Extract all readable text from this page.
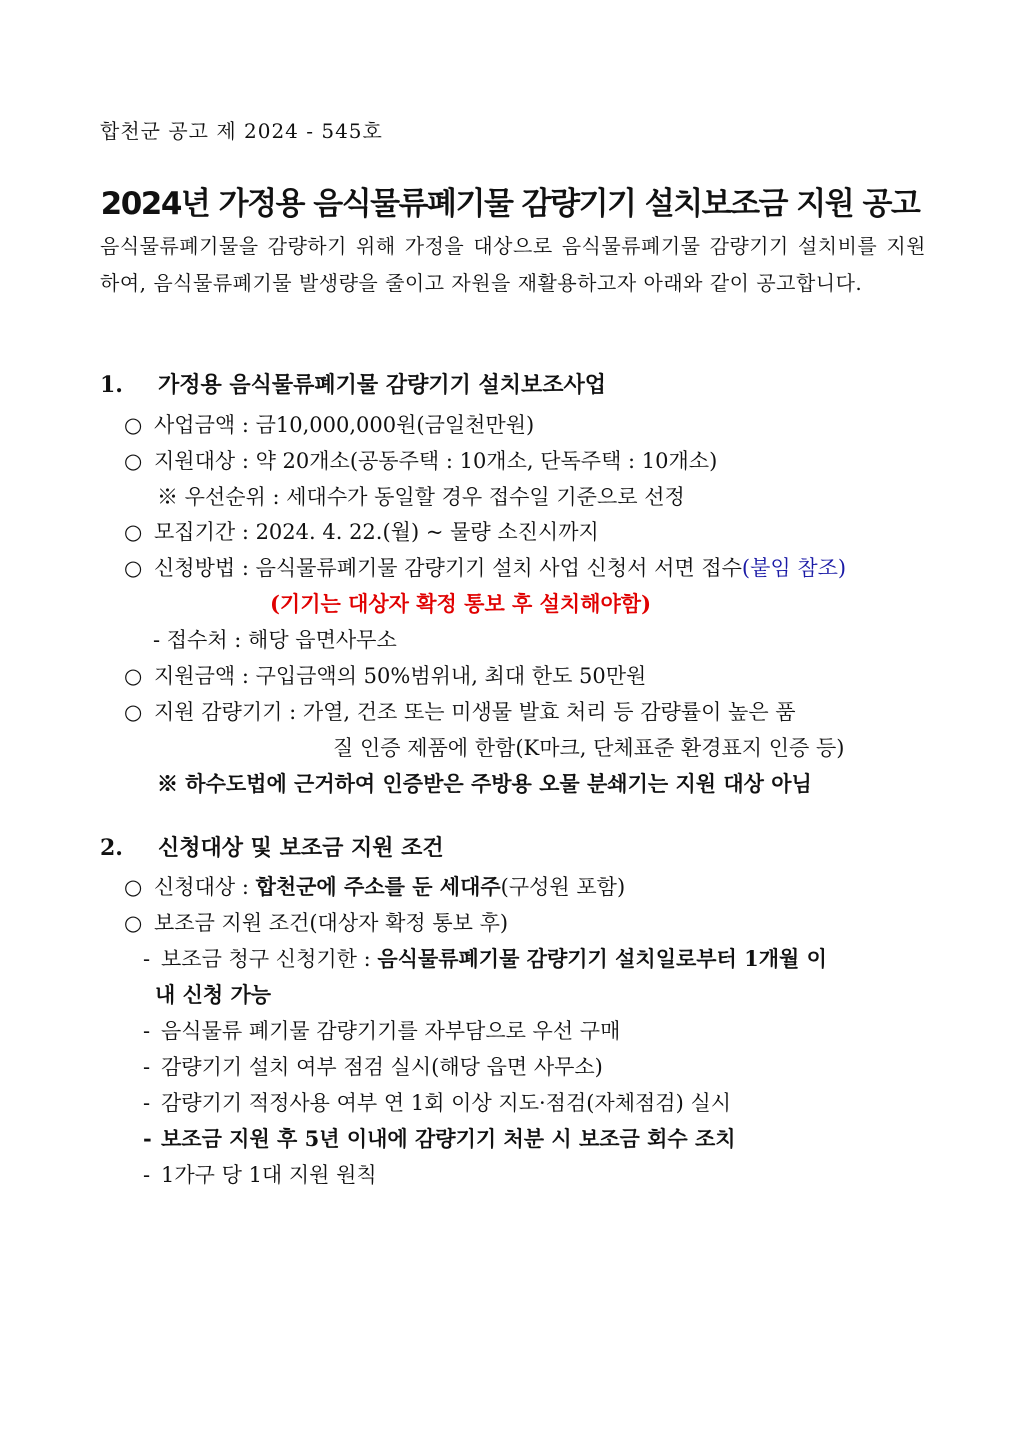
합천군 공고 제 2024 - 545호
2024년 가정용 음식물류폐기물 감량기기 설치보조금 지원 공고
음식물류폐기물을 감량하기 위해 가정을 대상으로 음식물류폐기물 감량기기 설치비를 지원하여, 음식물류폐기물 발생량을 줄이고 자원을 재활용하고자 아래와 같이 공고합니다.
1. 가정용 음식물류폐기물 감량기기 설치보조사업
○ 사업금액 : 금10,000,000원(금일천만원)
○ 지원대상 : 약 20개소(공동주택 : 10개소, 단독주택 : 10개소)
※ 우선순위 : 세대수가 동일할 경우 접수일 기준으로 선정
○ 모집기간 : 2024. 4. 22.(월) ~ 물량 소진시까지
○ 신청방법 : 음식물류폐기물 감량기기 설치 사업 신청서 서면 접수(붙임 참조)
(기기는 대상자 확정 통보 후 설치해야함)
- 접수처 : 해당 읍면사무소
○ 지원금액 : 구입금액의 50%범위내, 최대 한도 50만원
○ 지원 감량기기 : 가열, 건조 또는 미생물 발효 처리 등 감량률이 높은 품
질 인증 제품에 한함(K마크, 단체표준 환경표지 인증 등)
※ 하수도법에 근거하여 인증받은 주방용 오물 분쇄기는 지원 대상 아님
2. 신청대상 및 보조금 지원 조건
○ 신청대상 : 합천군에 주소를 둔 세대주(구성원 포함)
○ 보조금 지원 조건(대상자 확정 통보 후)
- 보조금 청구 신청기한 : 음식물류폐기물 감량기기 설치일로부터 1개월 이
내 신청 가능
- 음식물류 폐기물 감량기기를 자부담으로 우선 구매
- 감량기기 설치 여부 점검 실시(해당 읍면 사무소)
- 감량기기 적정사용 여부 연 1회 이상 지도·점검(자체점검) 실시
- 보조금 지원 후 5년 이내에 감량기기 처분 시 보조금 회수 조치
- 1가구 당 1대 지원 원칙
